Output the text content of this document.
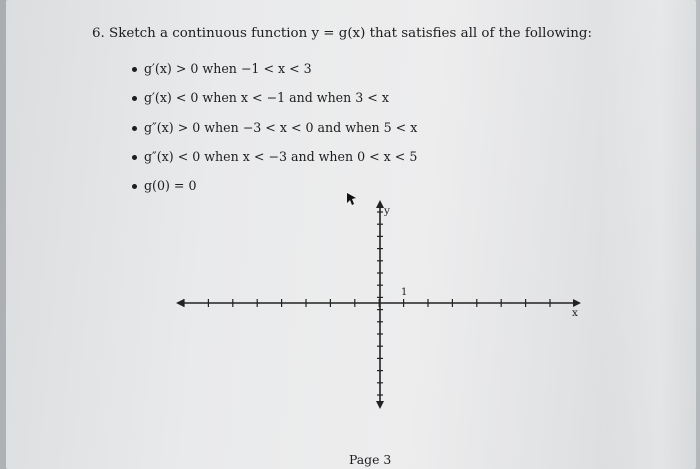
6. Sketch a continuous function y = g(x) that satisfies all of the following:
g′(x) > 0 when −1 < x < 3
g′(x) < 0 when x < −1 and when 3 < x
g″(x) > 0 when −3 < x < 0 and when 5 < x
g″(x) < 0 when x < −3 and when 0 < x < 5
g(0) = 0
y
x
1
Page 3
